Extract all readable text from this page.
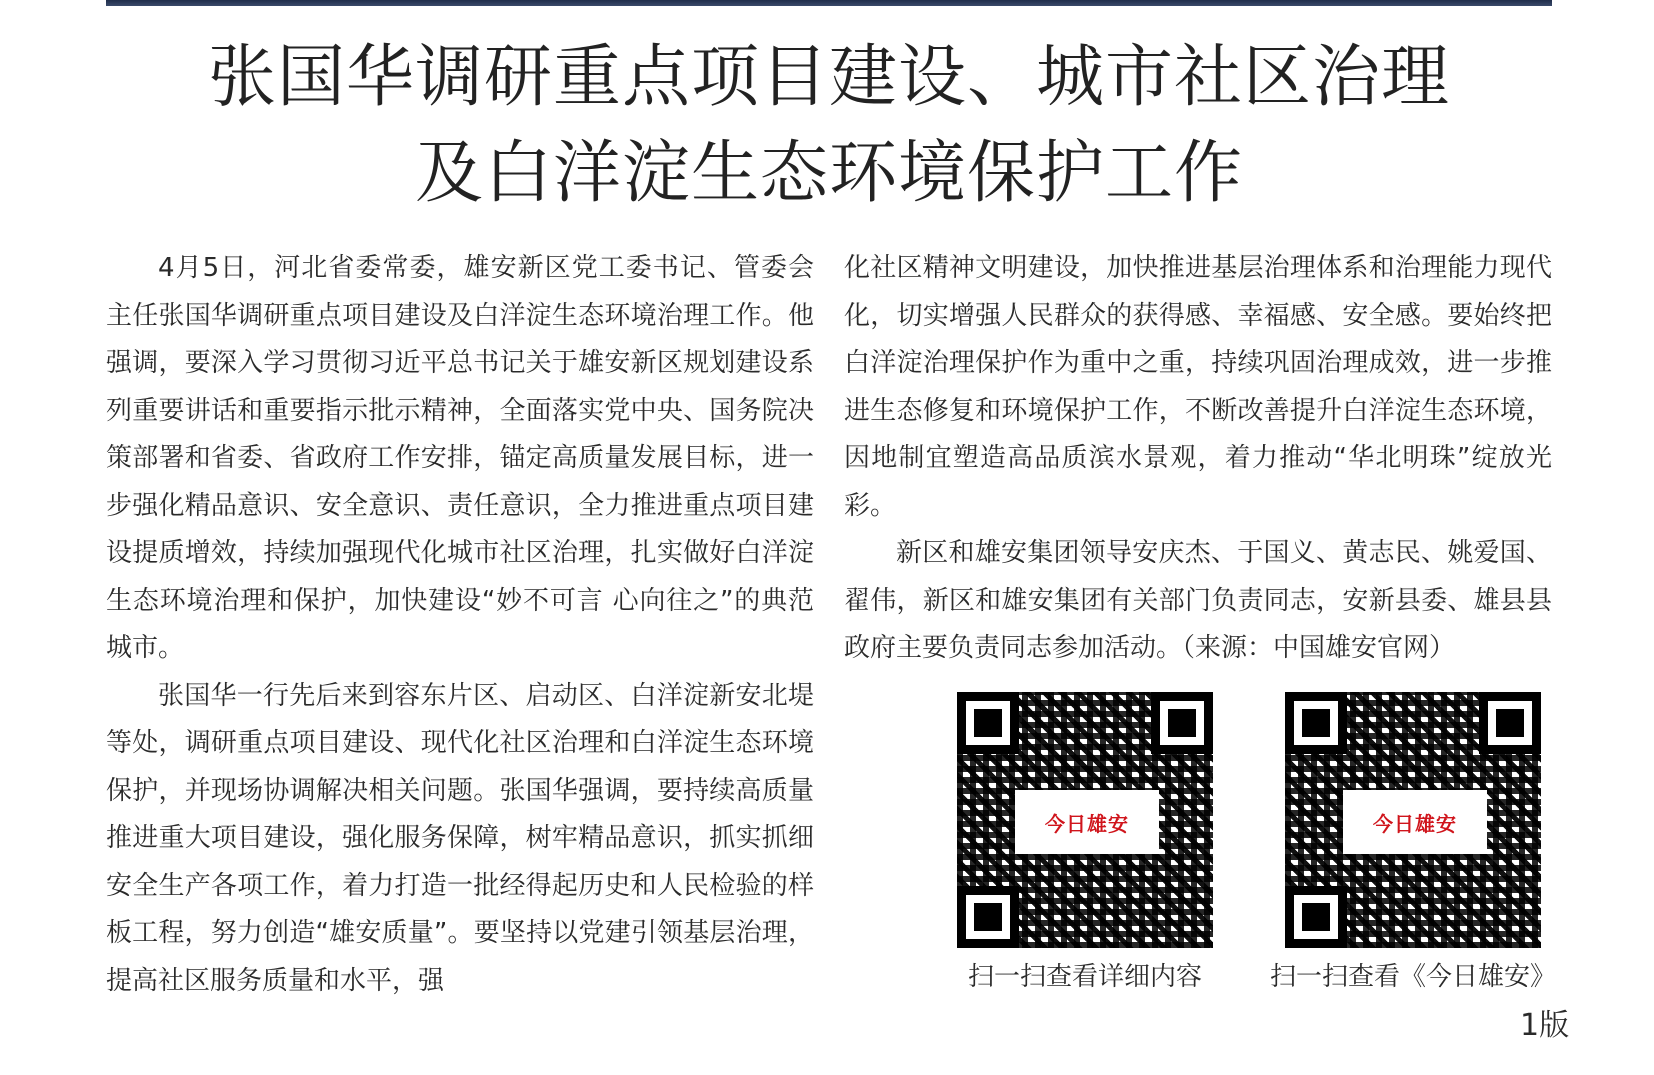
张国华调研重点项目建设、城市社区治理
及白洋淀生态环境保护工作

4月5日，河北省委常委，雄安新区党工委书记、管委会主任张国华调研重点项目建设及白洋淀生态环境治理工作。他强调，要深入学习贯彻习近平总书记关于雄安新区规划建设系列重要讲话和重要指示批示精神，全面落实党中央、国务院决策部署和省委、省政府工作安排，锚定高质量发展目标，进一步强化精品意识、安全意识、责任意识，全力推进重点项目建设提质增效，持续加强现代化城市社区治理，扎实做好白洋淀生态环境治理和保护，加快建设“妙不可言 心向往之”的典范城市。

张国华一行先后来到容东片区、启动区、白洋淀新安北堤等处，调研重点项目建设、现代化社区治理和白洋淀生态环境保护，并现场协调解决相关问题。张国华强调，要持续高质量推进重大项目建设，强化服务保障，树牢精品意识，抓实抓细安全生产各项工作，着力打造一批经得起历史和人民检验的样板工程，努力创造“雄安质量”。要坚持以党建引领基层治理，提高社区服务质量和水平，强

化社区精神文明建设，加快推进基层治理体系和治理能力现代化，切实增强人民群众的获得感、幸福感、安全感。要始终把白洋淀治理保护作为重中之重，持续巩固治理成效，进一步推进生态修复和环境保护工作，不断改善提升白洋淀生态环境，因地制宜塑造高品质滨水景观，着力推动“华北明珠”绽放光彩。

新区和雄安集团领导安庆杰、于国义、黄志民、姚爱国、翟伟，新区和雄安集团有关部门负责同志，安新县委、雄县县政府主要负责同志参加活动。（来源：中国雄安官网）

今日雄安
扫一扫查看详细内容
今日雄安
扫一扫查看《今日雄安》
1版
